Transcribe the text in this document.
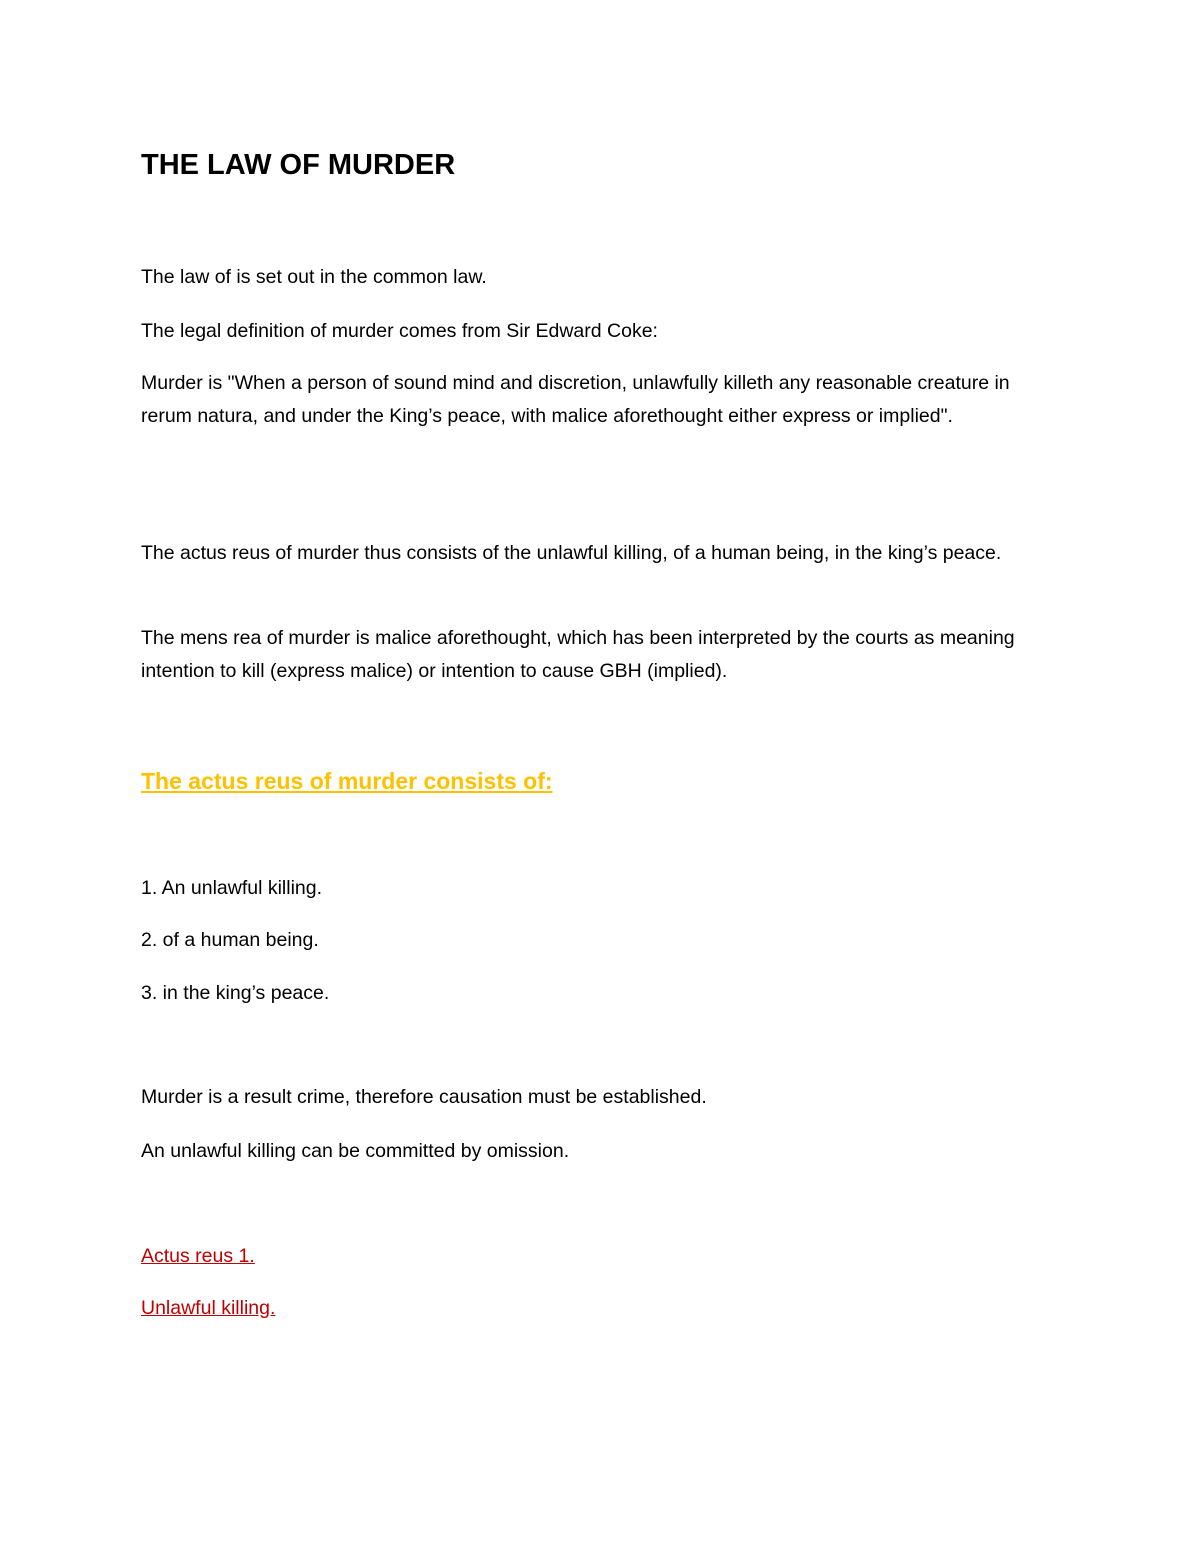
THE LAW OF MURDER

The law of is set out in the common law.

The legal definition of murder comes from Sir Edward Coke:

Murder is "When a person of sound mind and discretion, unlawfully killeth any reasonable creature in rerum natura, and under the King’s peace, with malice aforethought either express or implied".

The actus reus of murder thus consists of the unlawful killing, of a human being, in the king’s peace.

The mens rea of murder is malice aforethought, which has been interpreted by the courts as meaning intention to kill (express malice) or intention to cause GBH (implied).

The actus reus of murder consists of:

1. An unlawful killing.

2. of a human being.

3. in the king’s peace.

Murder is a result crime, therefore causation must be established.

An unlawful killing can be committed by omission.

Actus reus 1.

Unlawful killing.
